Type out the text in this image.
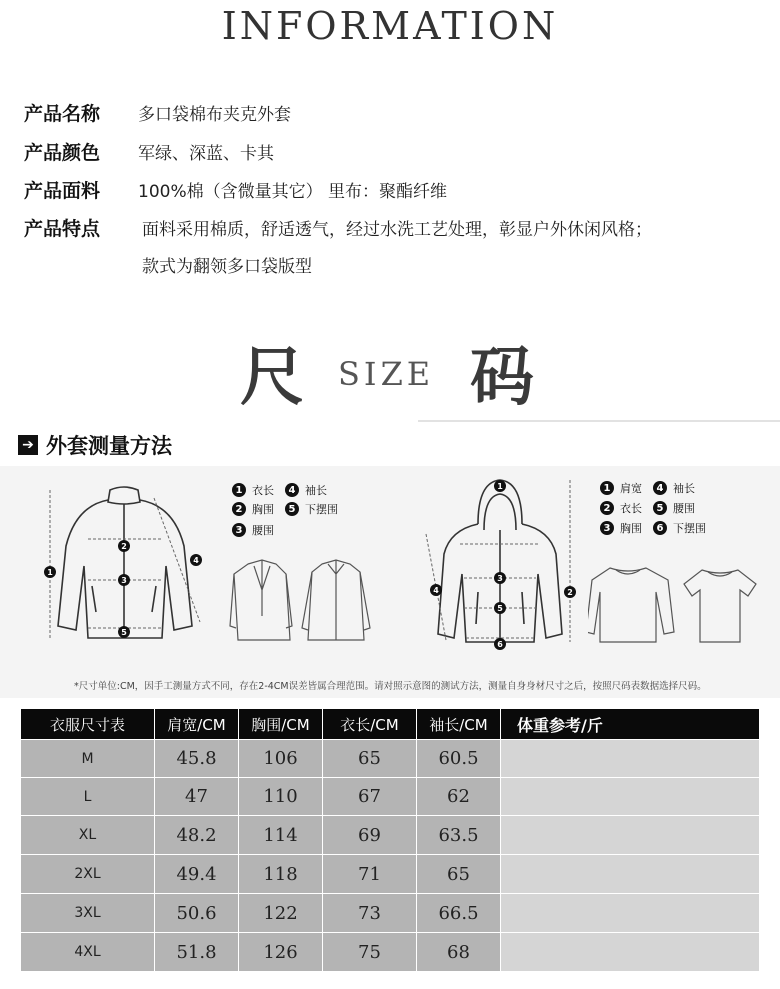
INFORMATION
产品名称	多口袋棉布夹克外套
产品颜色	军绿、深蓝、卡其
产品面料	100%棉（含微量其它） 里布：聚酯纤维
产品特点	面料采用棉质，舒适透气，经过水洗工艺处理，彰显户外休闲风格；
款式为翻领多口袋版型
尺 SIZE 码
➔ 外套测量方法
1
2
3
4
5
1 衣长	4 袖长
2 胸围	5 下摆围
3 腰围
1
2
3
4
5
6
1 肩宽	4 袖长
2 衣长	5 腰围
3 胸围	6 下摆围
*尺寸单位:CM，因手工测量方式不同，存在2-4CM误差皆属合理范围。请对照示意图的测试方法，测量自身身材尺寸之后，按照尺码表数据选择尺码。
衣服尺寸表	肩宽/CM	胸围/CM	衣长/CM	袖长/CM	体重参考/斤
M	45.8	106	65	60.5	
L	47	110	67	62	
XL	48.2	114	69	63.5	
2XL	49.4	118	71	65	
3XL	50.6	122	73	66.5	
4XL	51.8	126	75	68	
